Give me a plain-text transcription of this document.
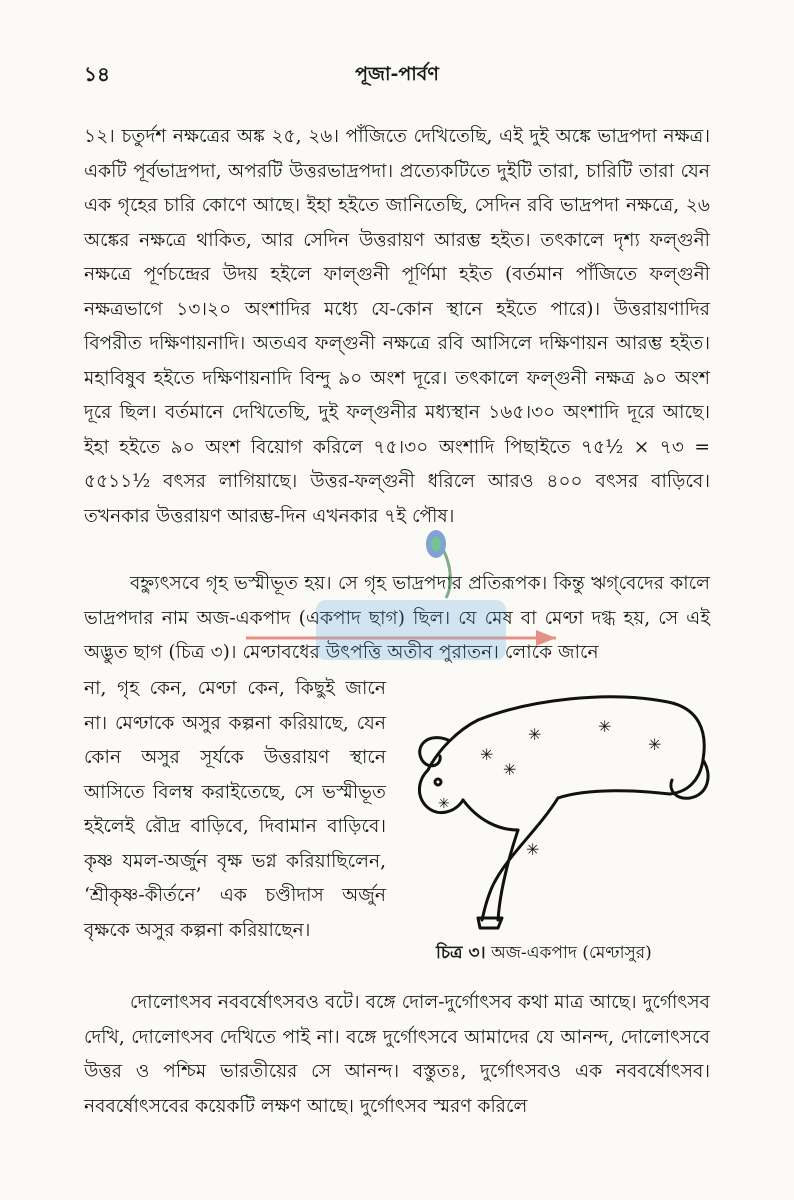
১৪	পূজা-পার্বণ

১২। চতুর্দশ নক্ষত্রের অঙ্ক ২৫, ২৬। পাঁজিতে দেখিতেছি, এই দুই অঙ্কে ভাদ্রপদা নক্ষত্র। একটি পূর্বভাদ্রপদা, অপরটি উত্তরভাদ্রপদা। প্রত্যেকটিতে দুইটি তারা, চারিটি তারা যেন এক গৃহের চারি কোণে আছে। ইহা হইতে জানিতেছি, সেদিন রবি ভাদ্রপদা নক্ষত্রে, ২৬ অঙ্কের নক্ষত্রে থাকিত, আর সেদিন উত্তরায়ণ আরম্ভ হইত। তৎকালে দৃশ্য ফল্গুনী নক্ষত্রে পূর্ণচন্দ্রের উদয় হইলে ফাল্গুনী পূর্ণিমা হইত (বর্তমান পাঁজিতে ফল্গুনী নক্ষত্রভাগে ১৩।২০ অংশাদির মধ্যে যে-কোন স্থানে হইতে পারে)। উত্তরায়ণাদির বিপরীত দক্ষিণায়নাদি। অতএব ফল্গুনী নক্ষত্রে রবি আসিলে দক্ষিণায়ন আরম্ভ হইত। মহাবিষুব হইতে দক্ষিণায়নাদি বিন্দু ৯০ অংশ দূরে। তৎকালে ফল্গুনী নক্ষত্র ৯০ অংশ দূরে ছিল। বর্তমানে দেখিতেছি, দুই ফল্গুনীর মধ্যস্থান ১৬৫।৩০ অংশাদি দূরে আছে। ইহা হইতে ৯০ অংশ বিয়োগ করিলে ৭৫।৩০ অংশাদি পিছাইতে ৭৫½ × ৭৩ = ৫৫১১½ বৎসর লাগিয়াছে। উত্তর-ফল্গুনী ধরিলে আরও ৪০০ বৎসর বাড়িবে। তখনকার উত্তরায়ণ আরম্ভ-দিন এখনকার ৭ই পৌষ।

বহ্ন্যুৎসবে গৃহ ভস্মীভূত হয়। সে গৃহ ভাদ্রপদার প্রতিরূপক। কিন্তু ঋগ্‌বেদের কালে ভাদ্রপদার নাম অজ-একপাদ (একপাদ ছাগ) ছিল। যে মেষ বা মেণ্ঢা দগ্ধ হয়, সে এই অদ্ভুত ছাগ (চিত্র ৩)। মেণ্ঢাবধের উৎপত্তি অতীব পুরাতন। লোকে জানে

না, গৃহ কেন, মেণ্ঢা কেন, কিছুই জানে না। মেণ্ঢাকে অসুর কল্পনা করিয়াছে, যেন কোন অসুর সূর্যকে উত্তরায়ণ স্থানে আসিতে বিলম্ব করাইতেছে, সে ভস্মীভূত হইলেই রৌদ্র বাড়িবে, দিবামান বাড়িবে। কৃষ্ণ যমল-অর্জুন বৃক্ষ ভগ্ন করিয়াছিলেন, ‘শ্রীকৃষ্ণ-কীর্তনে’ এক চণ্ডীদাস অর্জুন বৃক্ষকে অসুর কল্পনা করিয়াছেন।

দোলোৎসব নববর্ষোৎসবও বটে। বঙ্গে দোল-দুর্গোৎসব কথা মাত্র আছে। দুর্গোৎসব দেখি, দোলোৎসব দেখিতে পাই না। বঙ্গে দুর্গোৎসবে আমাদের যে আনন্দ, দোলোৎসবে উত্তর ও পশ্চিম ভারতীয়ের সে আনন্দ। বস্তুতঃ, দুর্গোৎসবও এক নববর্ষোৎসব। নববর্ষোৎসবের কয়েকটি লক্ষণ আছে। দুর্গোৎসব স্মরণ করিলে

✳	✳
✳
✳
✳
✳
✳
চিত্র ৩। অজ-একপাদ (মেণ্ঢাসুর)
